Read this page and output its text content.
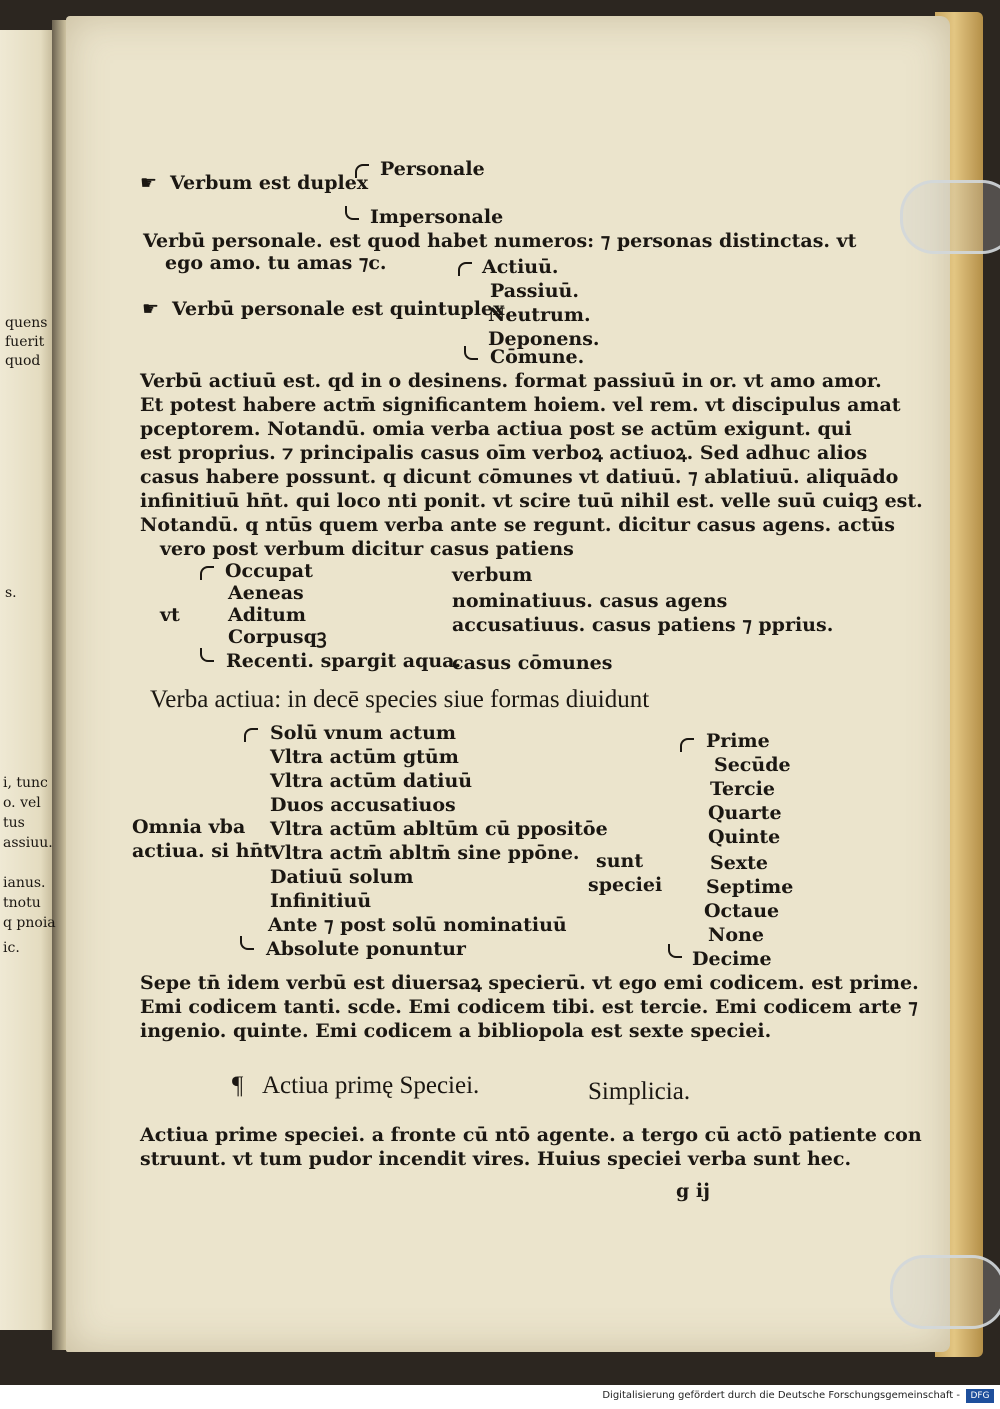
quens
fuerit
quod
s.
i, tunc
o. vel
tus
assiuu.
ianus.
tnotu
q pnoia
ic.
Personale
☛ Verbum est duplex
Impersonale
Verbū personale. est quod habet numeros: ⁊ personas distinctas. vt
ego amo. tu amas ⁊c.	Actiuū.
Passiuū.
☛ Verbū personale est quintuplex
Neutrum.
Deponens.
Cōmune.
Verbū actiuū est. qd in o desinens. format passiuū in or. vt amo amor.
Et potest habere actm̄ significantem hoiem. vel rem. vt discipulus amat
pceptorem. Notandū. omia verba actiua post se actūm exigunt. qui
est proprius. ⁊ principalis casus oīm verboꝝ actiuoꝝ. Sed adhuc alios
casus habere possunt. q dicunt cōmunes vt datiuū. ⁊ ablatiuū. aliquādo
infinitiuū hn̄t. qui loco nti ponit. vt scire tuū nihil est. velle suū cuiqꝫ est.
Notandū. q ntūs quem verba ante se regunt. dicitur casus agens. actūs
vero post verbum dicitur casus patiens
Occupat
Aeneas
vt	Aditum
Corpusqꝫ
Recenti. spargit aqua.
verbum
nominatiuus. casus agens
accusatiuus. casus patiens ⁊ pprius.
casus cōmunes
Verba actiua: in decē species siue formas diuidunt
Solū vnum actum
Vltra actūm gtūm
Vltra actūm datiuū
Duos accusatiuos
Vltra actūm abltūm cū ppositōe
Vltra actm̄ abltm̄ sine ppōne.
Datiuū solum
Infinitiuū
Ante ⁊ post solū nominatiuū
Absolute ponuntur
Omnia vba
actiua. si hn̄t	sunt
speciei
Prime
Secūde
Tercie
Quarte
Quinte
Sexte
Septime
Octaue
None
Decime
Sepe tn̄ idem verbū est diuersaꝝ specierū. vt ego emi codicem. est prime.
Emi codicem tanti. scde. Emi codicem tibi. est tercie. Emi codicem arte ⁊
ingenio. quinte. Emi codicem a bibliopola est sexte speciei.
¶ Actiua primę Speciei.	Simplicia.
Actiua prime speciei. a fronte cū ntō agente. a tergo cū actō patiente con
struunt. vt tum pudor incendit vires. Huius speciei verba sunt hec.
g ij
Digitalisierung gefördert durch die Deutsche Forschungsgemeinschaft -	DFG
